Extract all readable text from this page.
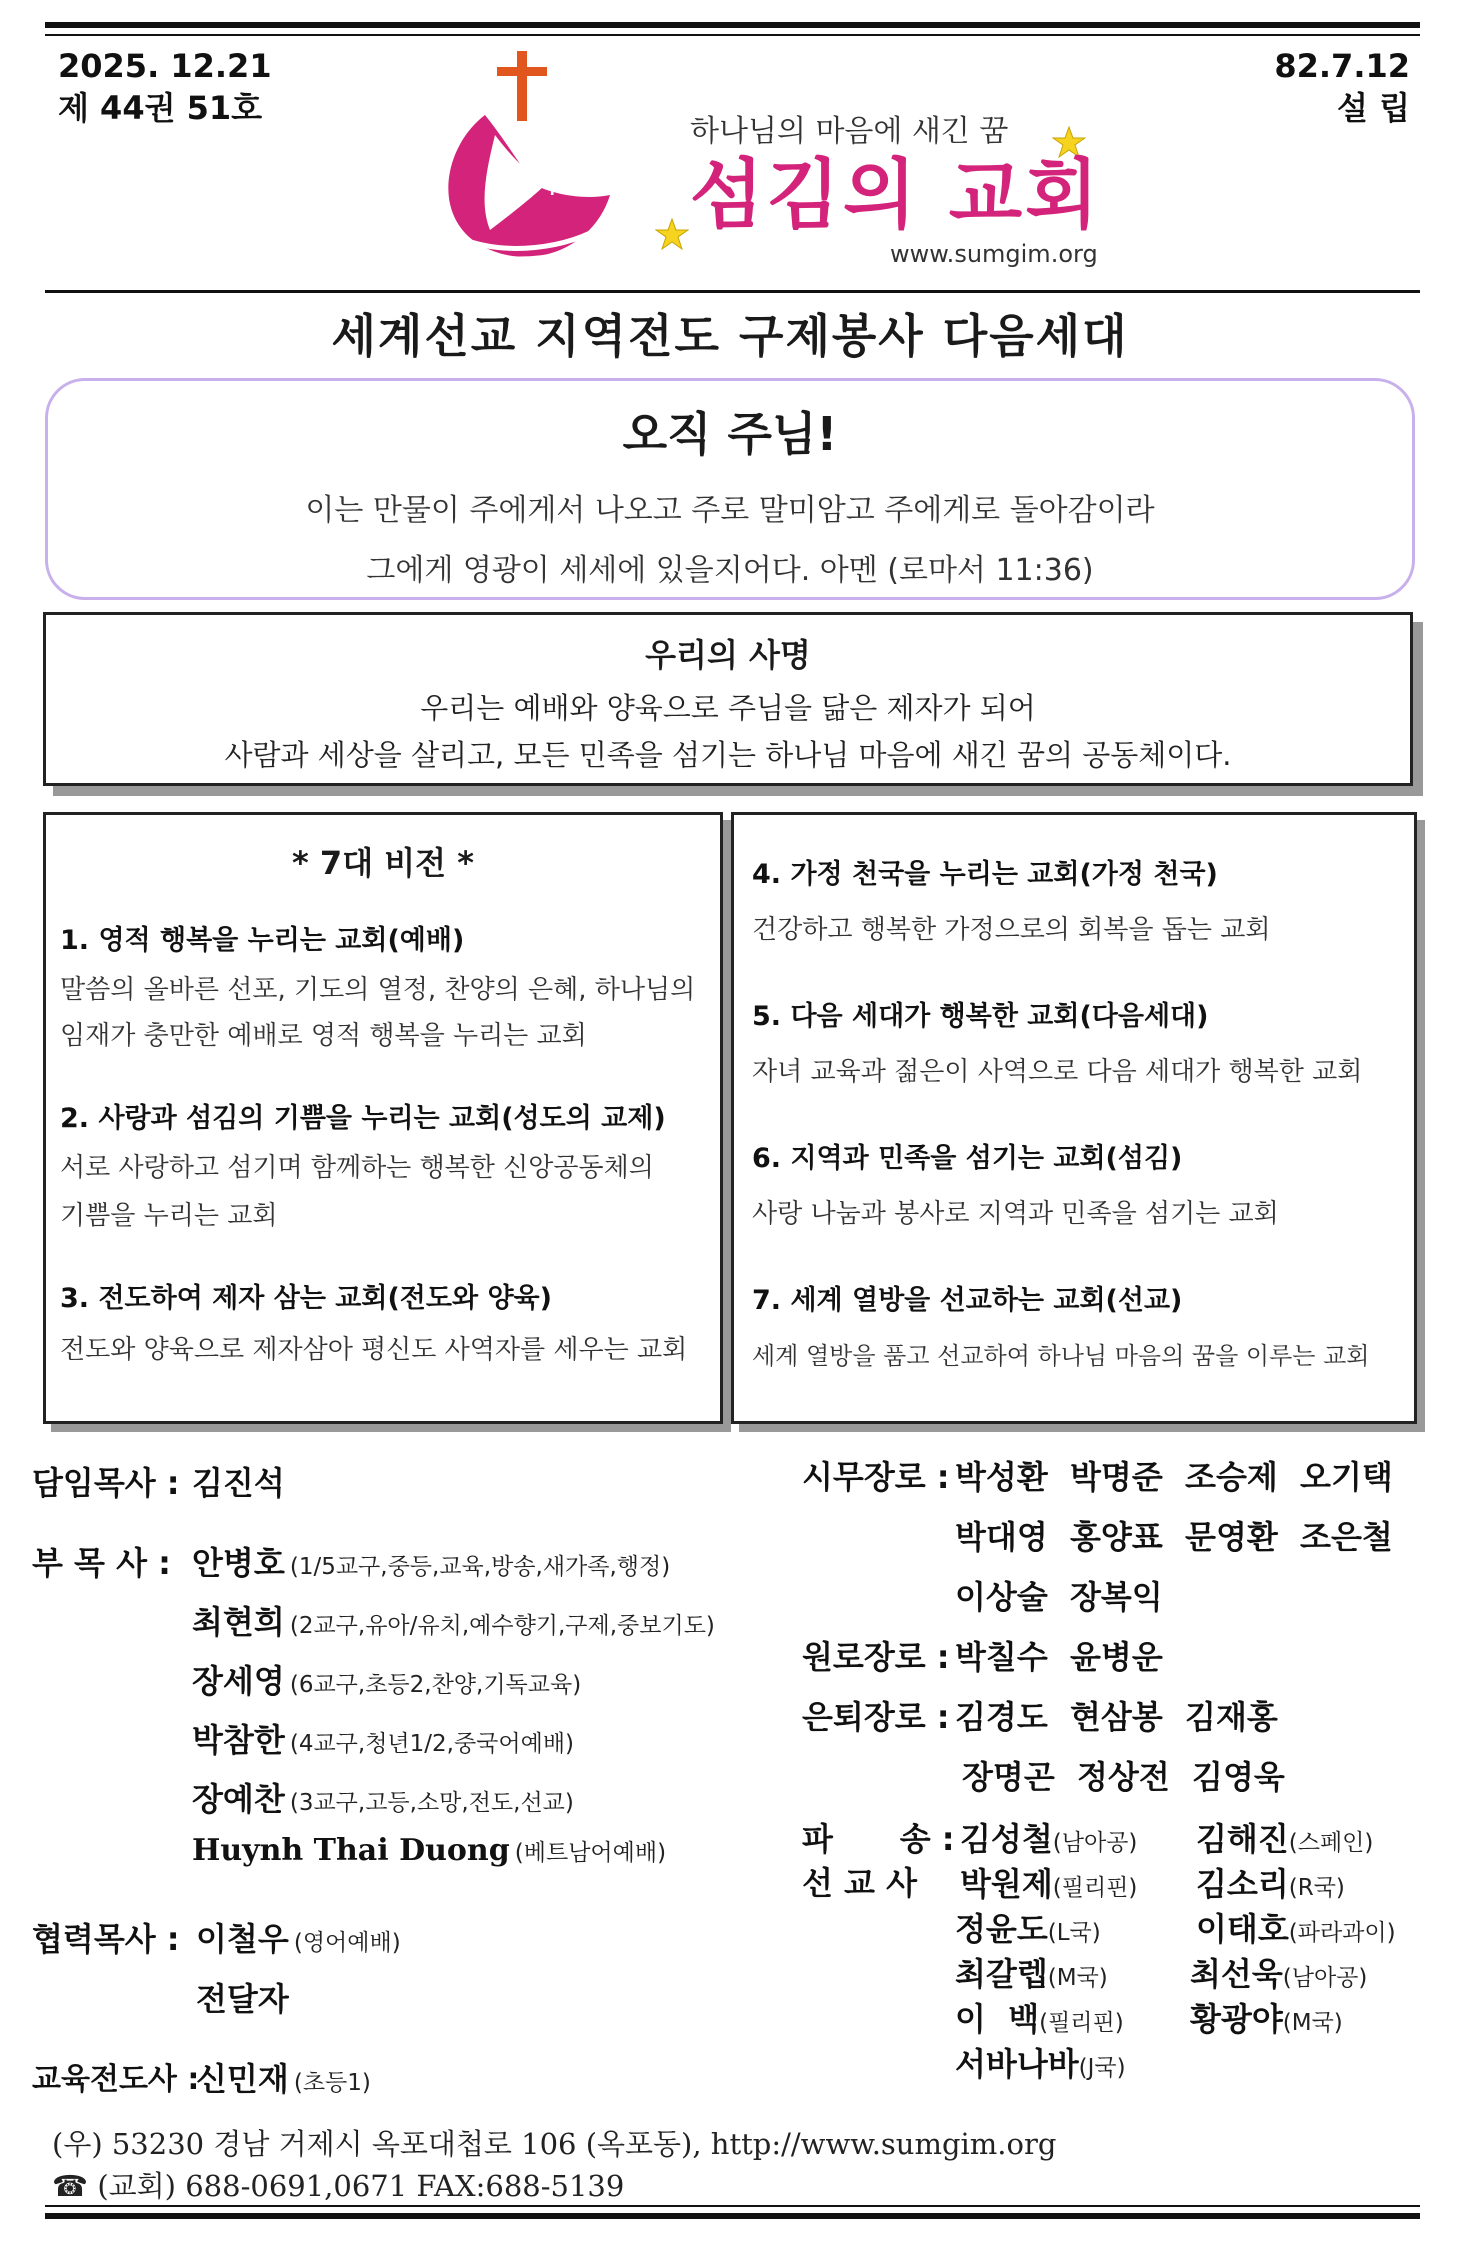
2025. 12.21
제 44권 51호
82.7.12
설 립
+++
하나님의 마음에 새긴 꿈
섬김의 교회
www.sumgim.org
세계선교 지역전도 구제봉사 다음세대
오직 주님!
이는 만물이 주에게서 나오고 주로 말미암고 주에게로 돌아감이라
그에게 영광이 세세에 있을지어다. 아멘 (로마서 11:36)
우리의 사명
우리는 예배와 양육으로 주님을 닮은 제자가 되어
사람과 세상을 살리고, 모든 민족을 섬기는 하나님 마음에 새긴 꿈의 공동체이다.
* 7대 비전 *
1. 영적 행복을 누리는 교회(예배)
말씀의 올바른 선포, 기도의 열정, 찬양의 은혜, 하나님의
임재가 충만한 예배로 영적 행복을 누리는 교회
2. 사랑과 섬김의 기쁨을 누리는 교회(성도의 교제)
서로 사랑하고 섬기며 함께하는 행복한 신앙공동체의
기쁨을 누리는 교회
3. 전도하여 제자 삼는 교회(전도와 양육)
전도와 양육으로 제자삼아 평신도 사역자를 세우는 교회
4. 가정 천국을 누리는 교회(가정 천국)
건강하고 행복한 가정으로의 회복을 돕는 교회
5. 다음 세대가 행복한 교회(다음세대)
자녀 교육과 젊은이 사역으로 다음 세대가 행복한 교회
6. 지역과 민족을 섬기는 교회(섬김)
사랑 나눔과 봉사로 지역과 민족을 섬기는 교회
7. 세계 열방을 선교하는 교회(선교)
세계 열방을 품고 선교하여 하나님 마음의 꿈을 이루는 교회
담임목사 : 김진석
부 목 사 : 안병호 (1/5교구,중등,교육,방송,새가족,행정)
최현희 (2교구,유아/유치,예수향기,구제,중보기도)
장세영 (6교구,초등2,찬양,기독교육)
박참한 (4교구,청년1/2,중국어예배)
장예찬 (3교구,고등,소망,전도,선교)
Huynh Thai Duong (베트남어예배)
협력목사 : 이철우 (영어예배)
전달자
교육전도사 :
신민재 (초등1)
시무장로 : 박성환  박명준  조승제  오기택
박대영  홍양표  문영환  조은철
이상술  장복익
원로장로 : 박칠수  윤병운
은퇴장로 : 김경도  현삼봉  김재홍
장명곤  정상전  김영욱
파      송 :
선 교 사
김성철(남아공) 김해진(스페인)
박원제(필리핀) 김소리(R국)
정윤도(L국)	이태호(파라과이)
최갈렙(M국)	최선욱(남아공)
이  백(필리핀) 황광야(M국)
서바나바(J국)
(우) 53230 경남 거제시 옥포대첩로 106 (옥포동), http://www.sumgim.org
☎ (교회) 688-0691,0671 FAX:688-5139
